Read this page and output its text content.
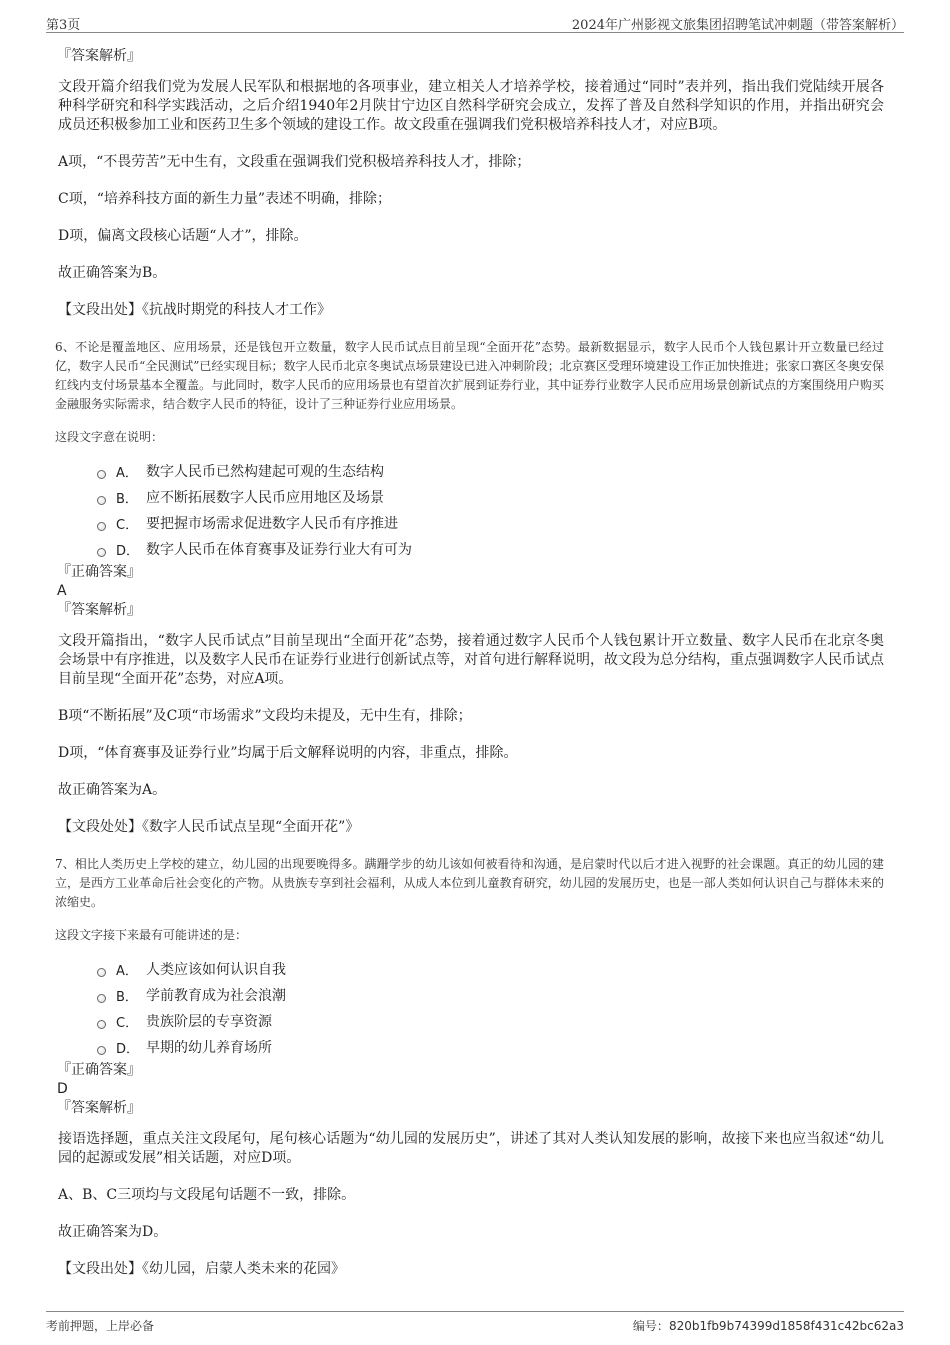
第3页	2024年广州影视文旅集团招聘笔试冲刺题（带答案解析）
『答案解析』

文段开篇介绍我们党为发展人民军队和根据地的各项事业，建立相关人才培养学校，接着通过“同时”表并列，指出我们党陆续开展各种科学研究和科学实践活动，之后介绍1940年2月陕甘宁边区自然科学研究会成立，发挥了普及自然科学知识的作用，并指出研究会成员还积极参加工业和医药卫生多个领域的建设工作。故文段重在强调我们党积极培养科技人才，对应B项。

A项，“不畏劳苦”无中生有，文段重在强调我们党积极培养科技人才，排除；

C项，“培养科技方面的新生力量”表述不明确，排除；

D项，偏离文段核心话题“人才”，排除。

故正确答案为B。

【文段出处】《抗战时期党的科技人才工作》

6、不论是覆盖地区、应用场景，还是钱包开立数量，数字人民币试点目前呈现“全面开花”态势。最新数据显示，数字人民币个人钱包累计开立数量已经过亿，数字人民币“全民测试”已经实现目标；数字人民币北京冬奥试点场景建设已进入冲刺阶段；北京赛区受理环境建设工作正加快推进；张家口赛区冬奥安保红线内支付场景基本全覆盖。与此同时，数字人民币的应用场景也有望首次扩展到证券行业，其中证券行业数字人民币应用场景创新试点的方案围绕用户购买金融服务实际需求，结合数字人民币的特征，设计了三种证券行业应用场景。

这段文字意在说明：

A． 数字人民币已然构建起可观的生态结构
B． 应不断拓展数字人民币应用地区及场景
C． 要把握市场需求促进数字人民币有序推进
D． 数字人民币在体育赛事及证券行业大有可为
『正确答案』
A
『答案解析』

文段开篇指出，“数字人民币试点”目前呈现出“全面开花”态势，接着通过数字人民币个人钱包累计开立数量、数字人民币在北京冬奥会场景中有序推进，以及数字人民币在证券行业进行创新试点等，对首句进行解释说明，故文段为总分结构，重点强调数字人民币试点目前呈现“全面开花”态势，对应A项。

B项“不断拓展”及C项“市场需求”文段均未提及，无中生有，排除；

D项，“体育赛事及证券行业”均属于后文解释说明的内容，非重点，排除。

故正确答案为A。

【文段处处】《数字人民币试点呈现“全面开花”》

7、相比人类历史上学校的建立，幼儿园的出现要晚得多。蹒跚学步的幼儿该如何被看待和沟通，是启蒙时代以后才进入视野的社会课题。真正的幼儿园的建立，是西方工业革命后社会变化的产物。从贵族专享到社会福利，从成人本位到儿童教育研究，幼儿园的发展历史，也是一部人类如何认识自己与群体未来的浓缩史。

这段文字接下来最有可能讲述的是：

A． 人类应该如何认识自我
B． 学前教育成为社会浪潮
C． 贵族阶层的专享资源
D． 早期的幼儿养育场所
『正确答案』
D
『答案解析』

接语选择题，重点关注文段尾句，尾句核心话题为“幼儿园的发展历史”，讲述了其对人类认知发展的影响，故接下来也应当叙述“幼儿园的起源或发展”相关话题，对应D项。

A、B、C三项均与文段尾句话题不一致，排除。

故正确答案为D。

【文段出处】《幼儿园，启蒙人类未来的花园》

考前押题，上岸必备	编号：820b1fb9b74399d1858f431c42bc62a3
